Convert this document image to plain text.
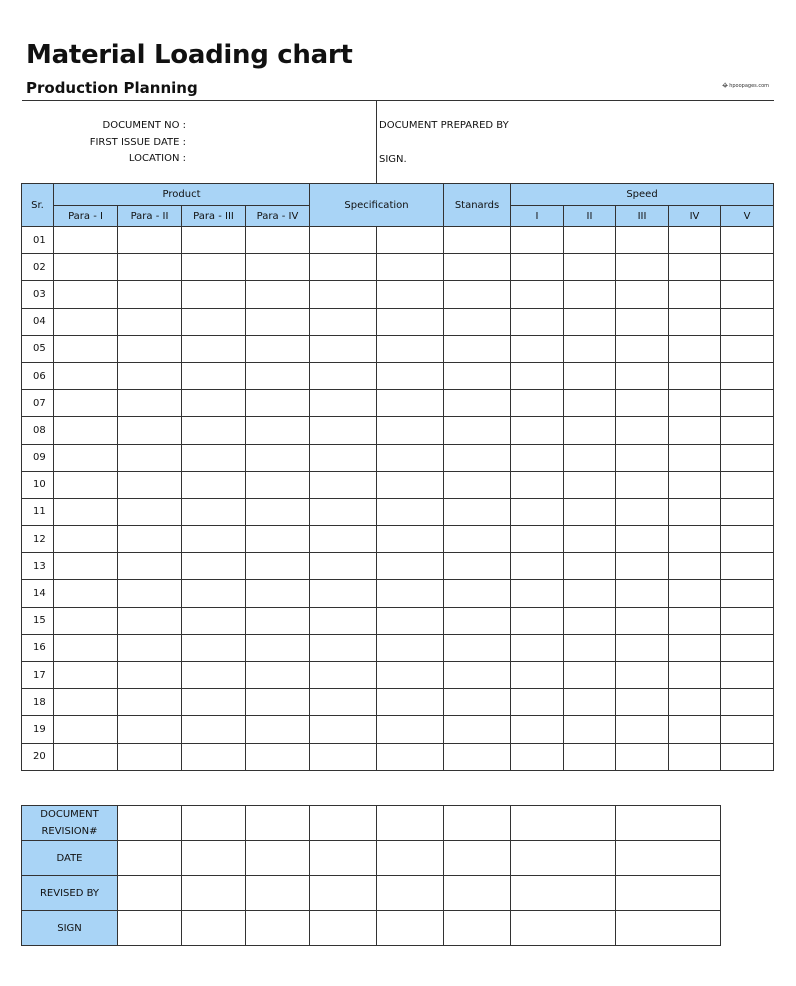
Material Loading chart
Production Planning	⌖ hpoopages.com
DOCUMENT NO :
FIRST ISSUE DATE :
LOCATION :
DOCUMENT PREPARED BY
SIGN.
Sr.	Product				Specification		Stanards	Speed				
	Para - I	Para - II	Para - III	Para - IV				I	II	III	IV	V
01												
02												
03												
04												
05												
06												
07												
08												
09												
10												
11												
12												
13												
14												
15												
16												
17												
18												
19												
20												
DOCUMENT REVISION#								
DATE								
REVISED BY								
SIGN								
